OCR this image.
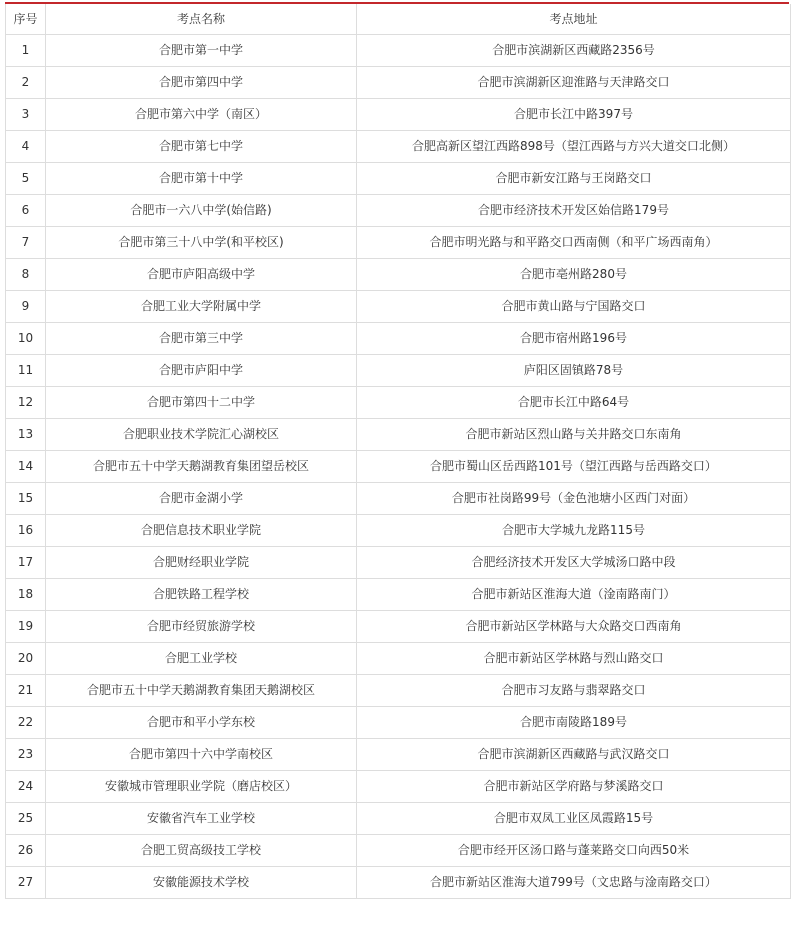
序号	考点名称	考点地址
1	合肥市第一中学	合肥市滨湖新区西藏路2356号
2	合肥市第四中学	合肥市滨湖新区迎淮路与天津路交口
3	合肥市第六中学（南区）	合肥市长江中路397号
4	合肥市第七中学	合肥高新区望江西路898号（望江西路与方兴大道交口北侧）
5	合肥市第十中学	合肥市新安江路与王岗路交口
6	合肥市一六八中学(始信路)	合肥市经济技术开发区始信路179号
7	合肥市第三十八中学(和平校区)	合肥市明光路与和平路交口西南侧（和平广场西南角）
8	合肥市庐阳高级中学	合肥市亳州路280号
9	合肥工业大学附属中学	合肥市黄山路与宁国路交口
10	合肥市第三中学	合肥市宿州路196号
11	合肥市庐阳中学	庐阳区固镇路78号
12	合肥市第四十二中学	合肥市长江中路64号
13	合肥职业技术学院汇心湖校区	合肥市新站区烈山路与关井路交口东南角
14	合肥市五十中学天鹅湖教育集团望岳校区	合肥市蜀山区岳西路101号（望江西路与岳西路交口）
15	合肥市金湖小学	合肥市社岗路99号（金色池塘小区西门对面）
16	合肥信息技术职业学院	合肥市大学城九龙路115号
17	合肥财经职业学院	合肥经济技术开发区大学城汤口路中段
18	合肥铁路工程学校	合肥市新站区淮海大道（淦南路南门）
19	合肥市经贸旅游学校	合肥市新站区学林路与大众路交口西南角
20	合肥工业学校	合肥市新站区学林路与烈山路交口
21	合肥市五十中学天鹅湖教育集团天鹅湖校区	合肥市习友路与翡翠路交口
22	合肥市和平小学东校	合肥市南陵路189号
23	合肥市第四十六中学南校区	合肥市滨湖新区西藏路与武汉路交口
24	安徽城市管理职业学院（磨店校区）	合肥市新站区学府路与梦溪路交口
25	安徽省汽车工业学校	合肥市双凤工业区凤霞路15号
26	合肥工贸高级技工学校	合肥市经开区汤口路与蓬莱路交口向西50米
27	安徽能源技术学校	合肥市新站区淮海大道799号（文忠路与淦南路交口）
